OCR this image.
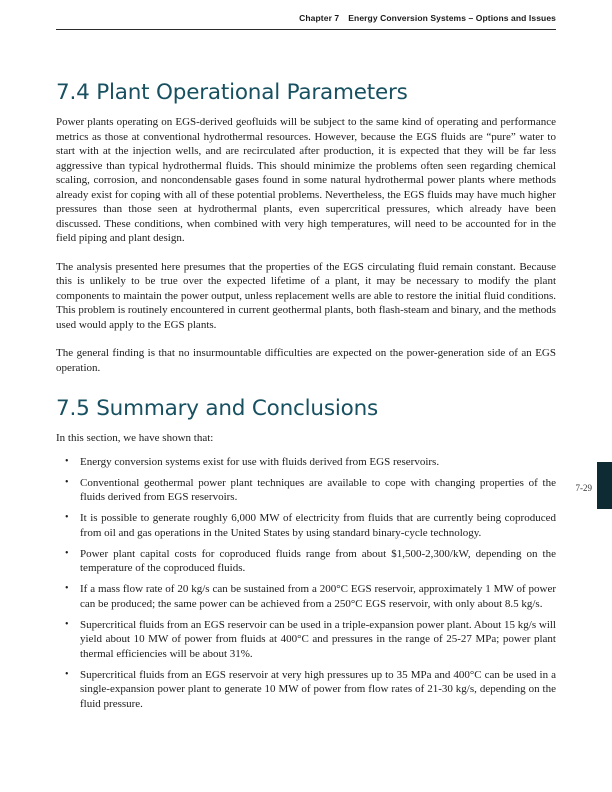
Chapter 7 Energy Conversion Systems – Options and Issues
7.4 Plant Operational Parameters

Power plants operating on EGS-derived geofluids will be subject to the same kind of operating and performance metrics as those at conventional hydrothermal resources. However, because the EGS fluids are “pure” water to start with at the injection wells, and are recirculated after production, it is expected that they will be far less aggressive than typical hydrothermal fluids. This should minimize the problems often seen regarding chemical scaling, corrosion, and noncondensable gases found in some natural hydrothermal power plants where methods already exist for coping with all of these potential problems. Nevertheless, the EGS fluids may have much higher pressures than those seen at hydrothermal plants, even supercritical pressures, which already have been discussed. These conditions, when combined with very high temperatures, will need to be accounted for in the field piping and plant design.

The analysis presented here presumes that the properties of the EGS circulating fluid remain constant. Because this is unlikely to be true over the expected lifetime of a plant, it may be necessary to modify the plant components to maintain the power output, unless replacement wells are able to restore the initial fluid conditions. This problem is routinely encountered in current geothermal plants, both flash-steam and binary, and the methods used would apply to the EGS plants.

The general finding is that no insurmountable difficulties are expected on the power-generation side of an EGS operation.

7.5 Summary and Conclusions

In this section, we have shown that:

• Energy conversion systems exist for use with fluids derived from EGS reservoirs.
• Conventional geothermal power plant techniques are available to cope with changing properties of the fluids derived from EGS reservoirs.
• It is possible to generate roughly 6,000 MW of electricity from fluids that are currently being coproduced from oil and gas operations in the United States by using standard binary-cycle technology.
• Power plant capital costs for coproduced fluids range from about $1,500-2,300/kW, depending on the temperature of the coproduced fluids.
• If a mass flow rate of 20 kg/s can be sustained from a 200°C EGS reservoir, approximately 1 MW of power can be produced; the same power can be achieved from a 250°C EGS reservoir, with only about 8.5 kg/s.
• Supercritical fluids from an EGS reservoir can be used in a triple-expansion power plant. About 15 kg/s will yield about 10 MW of power from fluids at 400°C and pressures in the range of 25-27 MPa; power plant thermal efficiencies will be about 31%.
• Supercritical fluids from an EGS reservoir at very high pressures up to 35 MPa and 400°C can be used in a single-expansion power plant to generate 10 MW of power from flow rates of 21-30 kg/s, depending on the fluid pressure.
7-29
